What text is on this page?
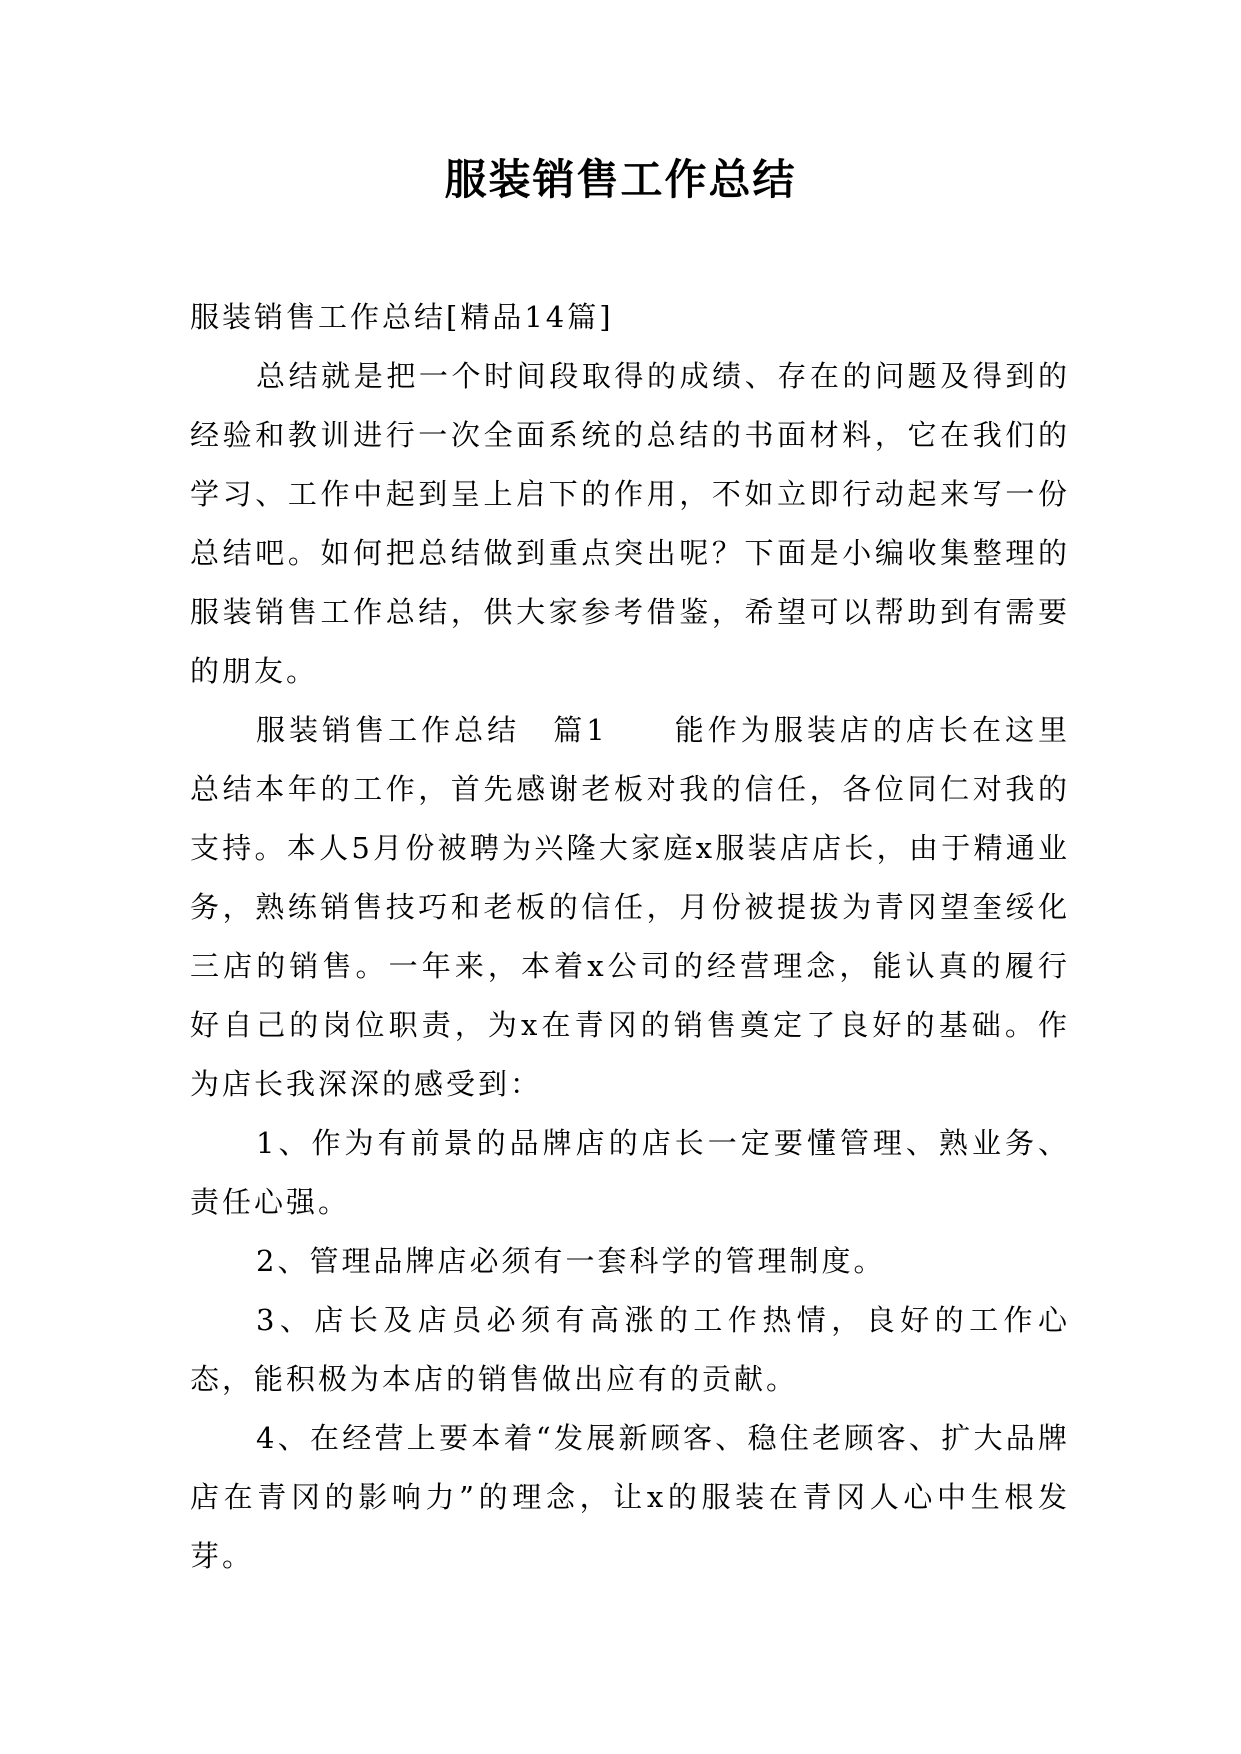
服装销售工作总结

服装销售工作总结[精品14篇]

总结就是把一个时间段取得的成绩、存在的问题及得到的经验和教训进行一次全面系统的总结的书面材料，它在我们的学习、工作中起到呈上启下的作用，不如立即行动起来写一份总结吧。如何把总结做到重点突出呢？下面是小编收集整理的服装销售工作总结，供大家参考借鉴，希望可以帮助到有需要的朋友。

服装销售工作总结　篇1　　能作为服装店的店长在这里总结本年的工作，首先感谢老板对我的信任，各位同仁对我的支持。本人5月份被聘为兴隆大家庭x服装店店长，由于精通业务，熟练销售技巧和老板的信任，月份被提拔为青冈望奎绥化三店的销售。一年来，本着x公司的经营理念，能认真的履行好自己的岗位职责，为x在青冈的销售奠定了良好的基础。作为店长我深深的感受到：

1、作为有前景的品牌店的店长一定要懂管理、熟业务、责任心强。

2、管理品牌店必须有一套科学的管理制度。

3、店长及店员必须有高涨的工作热情，良好的工作心态，能积极为本店的销售做出应有的贡献。

4、在经营上要本着“发展新顾客、稳住老顾客、扩大品牌店在青冈的影响力”的理念，让x的服装在青冈人心中生根发芽。
